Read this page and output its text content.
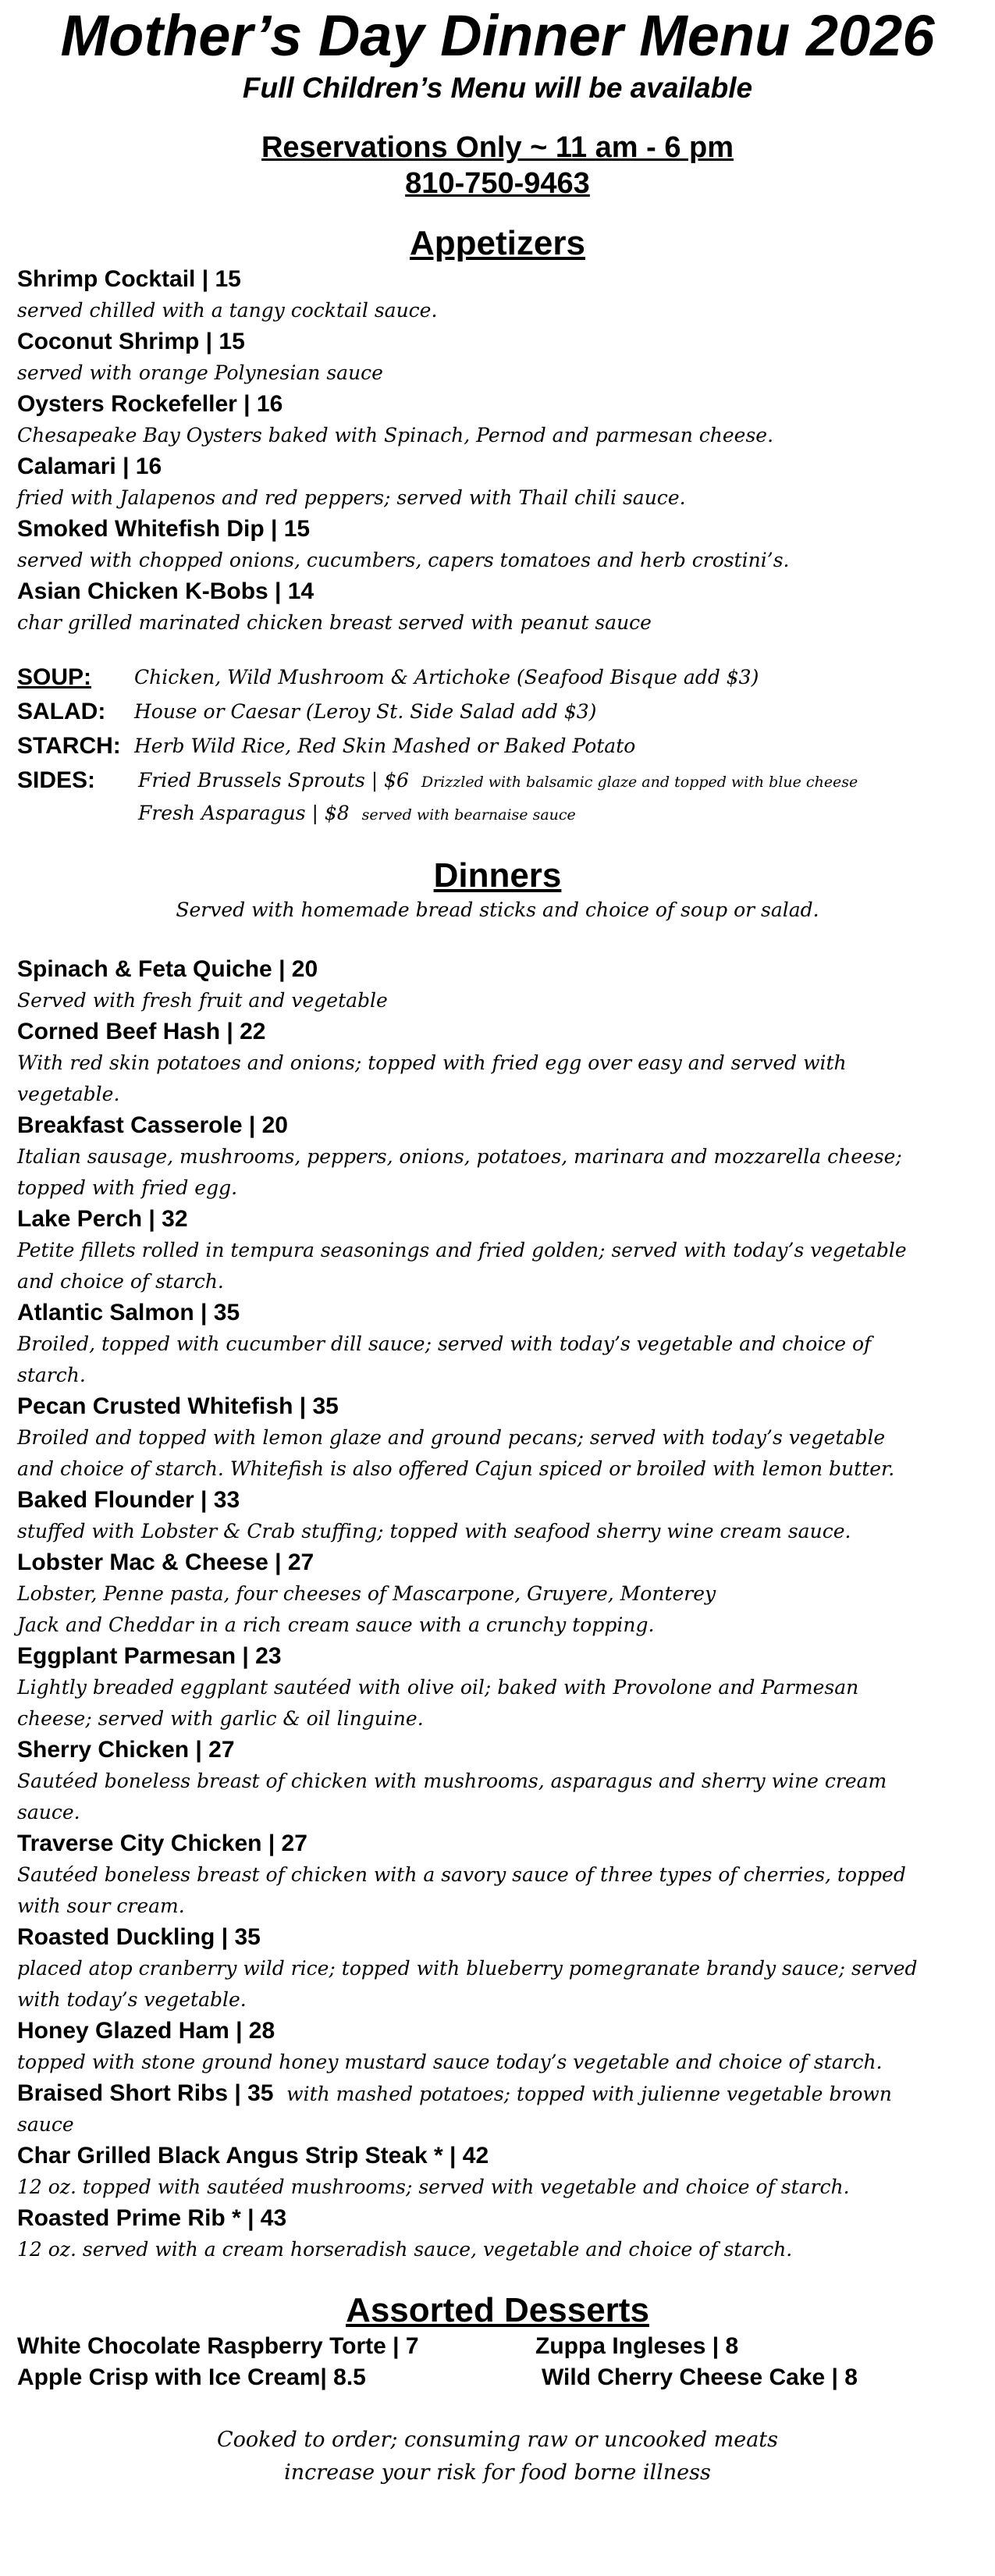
Mother’s Day Dinner Menu 2026
Full Children’s Menu will be available
Reservations Only ~ 11 am - 6 pm
810-750-9463
Appetizers
Shrimp Cocktail | 15
served chilled with a tangy cocktail sauce.
Coconut Shrimp | 15
served with orange Polynesian sauce
Oysters Rockefeller | 16
Chesapeake Bay Oysters baked with Spinach, Pernod and parmesan cheese.
Calamari | 16
fried with Jalapenos and red peppers; served with Thail chili sauce.
Smoked Whitefish Dip | 15
served with chopped onions, cucumbers, capers tomatoes and herb crostini’s.
Asian Chicken K-Bobs | 14
char grilled marinated chicken breast served with peanut sauce
SOUP: Chicken, Wild Mushroom & Artichoke (Seafood Bisque add $3)
SALAD: House or Caesar (Leroy St. Side Salad add $3)
STARCH: Herb Wild Rice, Red Skin Mashed or Baked Potato
SIDES: Fried Brussels Sprouts | $6 Drizzled with balsamic glaze and topped with blue cheese
Fresh Asparagus | $8 served with bearnaise sauce
Dinners
Served with homemade bread sticks and choice of soup or salad.
Spinach & Feta Quiche | 20
Served with fresh fruit and vegetable
Corned Beef Hash | 22
With red skin potatoes and onions; topped with fried egg over easy and served with
vegetable.
Breakfast Casserole | 20
Italian sausage, mushrooms, peppers, onions, potatoes, marinara and mozzarella cheese;
topped with fried egg.
Lake Perch | 32
Petite fillets rolled in tempura seasonings and fried golden; served with today’s vegetable
and choice of starch.
Atlantic Salmon | 35
Broiled, topped with cucumber dill sauce; served with today’s vegetable and choice of
starch.
Pecan Crusted Whitefish | 35
Broiled and topped with lemon glaze and ground pecans; served with today’s vegetable
and choice of starch. Whitefish is also offered Cajun spiced or broiled with lemon butter.
Baked Flounder | 33
stuffed with Lobster & Crab stuffing; topped with seafood sherry wine cream sauce.
Lobster Mac & Cheese | 27
Lobster, Penne pasta, four cheeses of Mascarpone, Gruyere, Monterey
Jack and Cheddar in a rich cream sauce with a crunchy topping.
Eggplant Parmesan | 23
Lightly breaded eggplant sautéed with olive oil; baked with Provolone and Parmesan
cheese; served with garlic & oil linguine.
Sherry Chicken | 27
Sautéed boneless breast of chicken with mushrooms, asparagus and sherry wine cream
sauce.
Traverse City Chicken | 27
Sautéed boneless breast of chicken with a savory sauce of three types of cherries, topped
with sour cream.
Roasted Duckling | 35
placed atop cranberry wild rice; topped with blueberry pomegranate brandy sauce; served
with today’s vegetable.
Honey Glazed Ham | 28
topped with stone ground honey mustard sauce today’s vegetable and choice of starch.
Braised Short Ribs | 35 with mashed potatoes; topped with julienne vegetable brown
sauce
Char Grilled Black Angus Strip Steak * | 42
12 oz. topped with sautéed mushrooms; served with vegetable and choice of starch.
Roasted Prime Rib * | 43
12 oz. served with a cream horseradish sauce, vegetable and choice of starch.
Assorted Desserts
White Chocolate Raspberry Torte | 7	Zuppa Ingleses | 8
Apple Crisp with Ice Cream| 8.5	Wild Cherry Cheese Cake | 8
Cooked to order; consuming raw or uncooked meats
increase your risk for food borne illness
